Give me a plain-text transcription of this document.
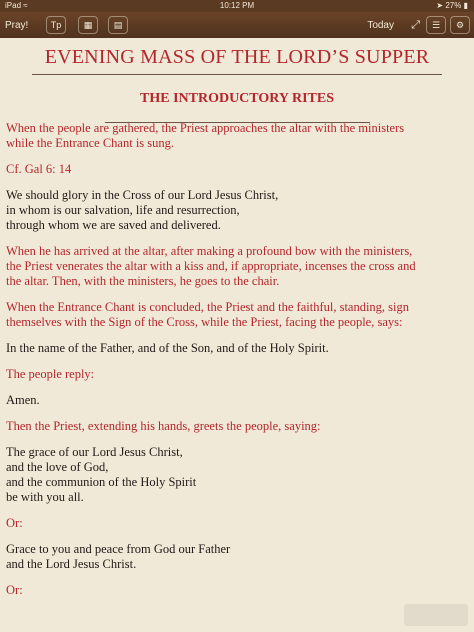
iPad ≈	10:12 PM	➤ 27% ▮
Pray!	Tp	▦	▤	Today ⤢	☰	⚙
EVENING MASS OF THE LORD’S SUPPER
THE INTRODUCTORY RITES

When the people are gathered, the Priest approaches the altar with the ministers
while the Entrance Chant is sung.

Cf. Gal 6: 14

We should glory in the Cross of our Lord Jesus Christ,
in whom is our salvation, life and resurrection,
through whom we are saved and delivered.

When he has arrived at the altar, after making a profound bow with the ministers,
the Priest venerates the altar with a kiss and, if appropriate, incenses the cross and
the altar. Then, with the ministers, he goes to the chair.

When the Entrance Chant is concluded, the Priest and the faithful, standing, sign
themselves with the Sign of the Cross, while the Priest, facing the people, says:

In the name of the Father, and of the Son, and of the Holy Spirit.

The people reply:

Amen.

Then the Priest, extending his hands, greets the people, saying:

The grace of our Lord Jesus Christ,
and the love of God,
and the communion of the Holy Spirit
be with you all.

Or:

Grace to you and peace from God our Father
and the Lord Jesus Christ.

Or:
